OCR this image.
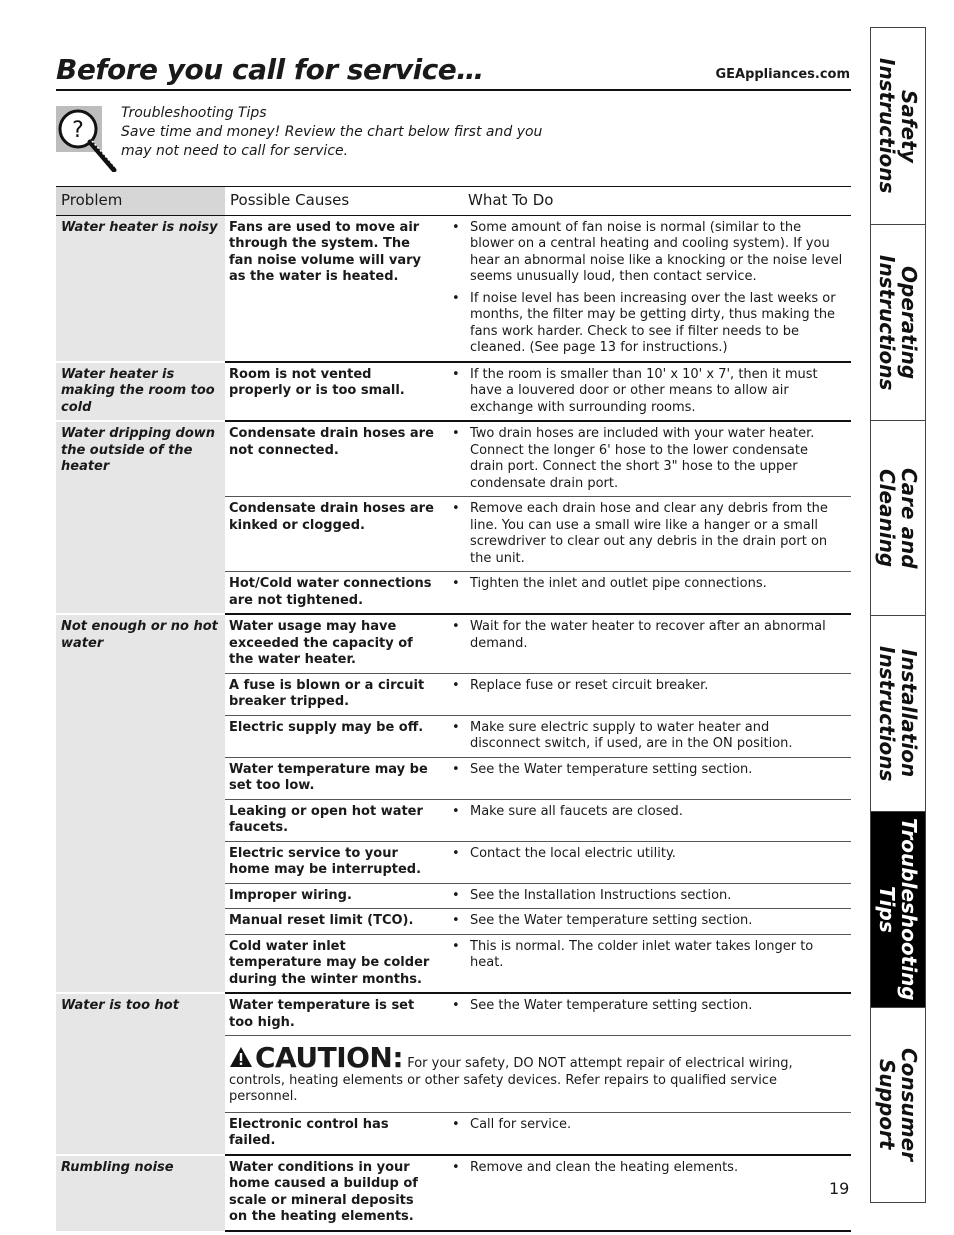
Before you call for service…	GEAppliances.com
?
Troubleshooting Tips
Save time and money! Review the chart below first and you
may not need to call for service.
Problem	Possible Causes	What To Do
Water heater is noisy	Fans are used to move air through the system. The fan noise volume will vary as the water is heated.	• Some amount of fan noise is normal (similar to the blower on a central heating and cooling system). If you hear an abnormal noise like a knocking or the noise level seems unusually loud, then contact service.
• If noise level has been increasing over the last weeks or months, the filter may be getting dirty, thus making the fans work harder. Check to see if filter needs to be cleaned. (See page 13 for instructions.)

Water heater is making the room too cold	Room is not vented properly or is too small.	• If the room is smaller than 10' x 10' x 7', then it must have a louvered door or other means to allow air exchange with surrounding rooms.

Water dripping down the outside of the heater	Condensate drain hoses are not connected.	• Two drain hoses are included with your water heater. Connect the longer 6' hose to the lower condensate drain port. Connect the short 3" hose to the upper condensate drain port.

	Condensate drain hoses are kinked or clogged.	• Remove each drain hose and clear any debris from the line. You can use a small wire like a hanger or a small screwdriver to clear out any debris in the drain port on the unit.

	Hot/Cold water connections are not tightened.	• Tighten the inlet and outlet pipe connections.

Not enough or no hot water	Water usage may have exceeded the capacity of the water heater.	• Wait for the water heater to recover after an abnormal demand.

	A fuse is blown or a circuit breaker tripped.	• Replace fuse or reset circuit breaker.

	Electric supply may be off.	• Make sure electric supply to water heater and disconnect switch, if used, are in the ON position.

	Water temperature may be set too low.	• See the Water temperature setting section.

	Leaking or open hot water faucets.	• Make sure all faucets are closed.

	Electric service to your home may be interrupted.	• Contact the local electric utility.

	Improper wiring.	• See the Installation Instructions section.

	Manual reset limit (TCO).	• See the Water temperature setting section.

	Cold water inlet temperature may be colder during the winter months.	• This is normal. The colder inlet water takes longer to heat.

Water is too hot	Water temperature is set too high.	• See the Water temperature setting section.

	CAUTION: For your safety, DO NOT attempt repair of electrical wiring, controls, heating elements or other safety devices. Refer repairs to qualified service personnel.	
	Electronic control has failed.	• Call for service.

Rumbling noise	Water conditions in your home caused a buildup of scale or mineral deposits on the heating elements.	• Remove and clean the heating elements.
Safety
Instructions
Operating
Instructions
Care and
Cleaning
Installation
Instructions
Troubleshooting
Tips
Consumer
Support
19
